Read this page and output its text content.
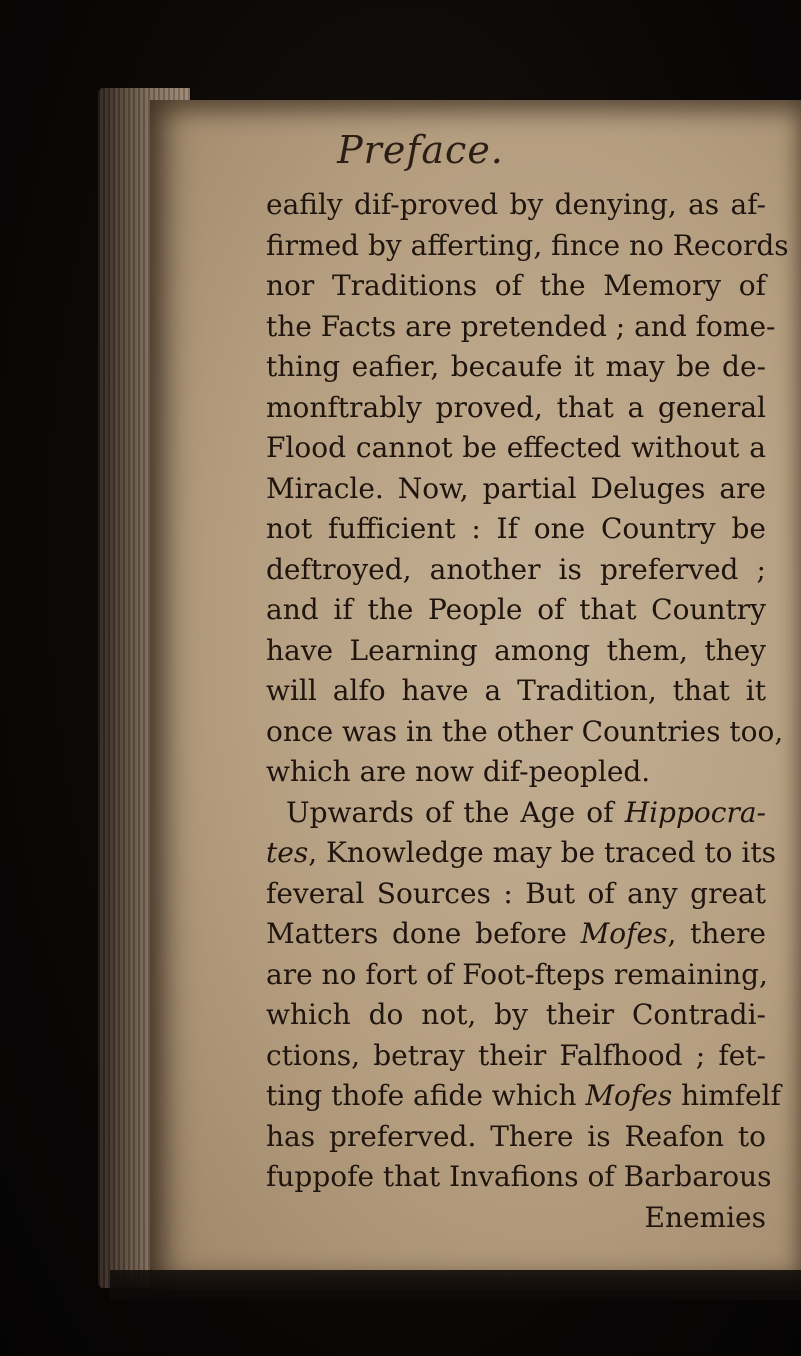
Preface.
eafily dif-proved by denying, as af-
firmed by afferting, fince no Records
nor Traditions of the Memory of
the Facts are pretended ; and fome-
thing eafier, becaufe it may be de-
monftrably proved, that a general
Flood cannot be effected without a
Miracle. Now, partial Deluges are
not fufficient : If one Country be
deftroyed, another is preferved ;
and if the People of that Country
have Learning among them, they
will alfo have a Tradition, that it
once was in the other Countries too,
which are now dif-peopled.
Upwards of the Age of Hippocra-
tes, Knowledge may be traced to its
feveral Sources : But of any great
Matters done before Mofes, there
are no fort of Foot-fteps remaining,
which do not, by their Contradi-
ctions, betray their Falfhood ; fet-
ting thofe afide which Mofes himfelf
has preferved. There is Reafon to
fuppofe that Invafions of Barbarous
Enemies
